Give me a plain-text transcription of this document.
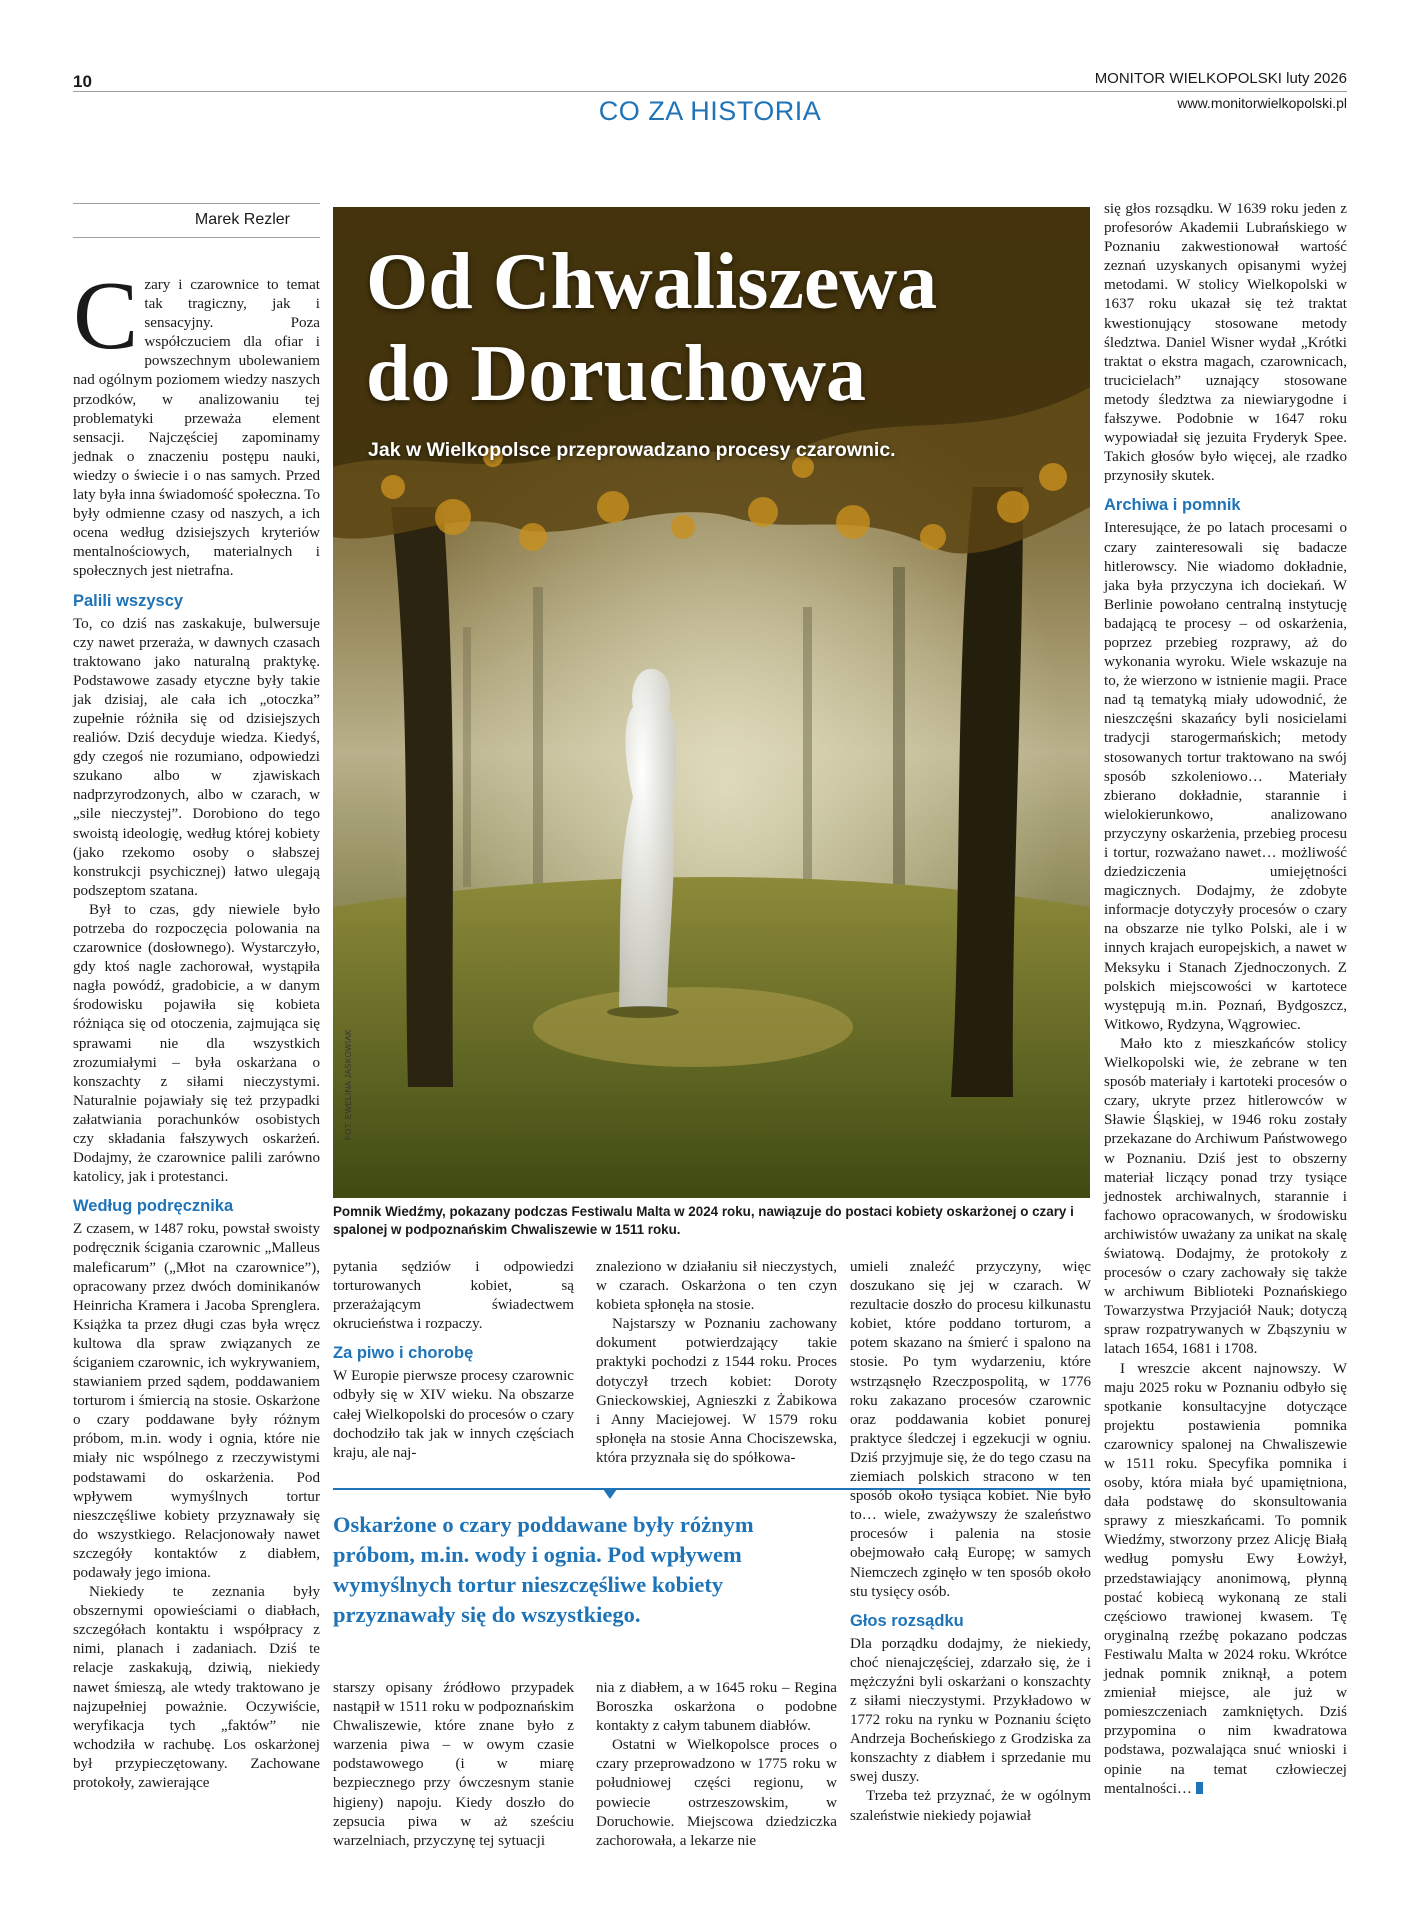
10	MONITOR WIELKOPOLSKI luty 2026
www.monitorwielkopolski.pl
CO ZA HISTORIA
Marek Rezler

Czary i czarownice to temat tak tragiczny, jak i sensacyjny. Poza współczuciem dla ofiar i powszechnym ubolewaniem nad ogólnym poziomem wiedzy naszych przodków, w analizowaniu tej problematyki przeważa element sensacji. Najczęściej zapominamy jednak o znaczeniu postępu nauki, wiedzy o świecie i o nas samych. Przed laty była inna świadomość społeczna. To były odmienne czasy od naszych, a ich ocena według dzisiejszych kryteriów mentalnościowych, materialnych i społecznych jest nietrafna.

Palili wszyscy

To, co dziś nas zaskakuje, bulwersuje czy nawet przeraża, w dawnych czasach traktowano jako naturalną praktykę. Podstawowe zasady etyczne były takie jak dzisiaj, ale cała ich „otoczka” zupełnie różniła się od dzisiejszych realiów. Dziś decyduje wiedza. Kiedyś, gdy czegoś nie rozumiano, odpowiedzi szukano albo w zjawiskach nadprzyrodzonych, albo w czarach, w „sile nieczystej”. Dorobiono do tego swoistą ideologię, według której kobiety (jako rzekomo osoby o słabszej konstrukcji psychicznej) łatwo ulegają podszeptom szatana.

Był to czas, gdy niewiele było potrzeba do rozpoczęcia polowania na czarownice (dosłownego). Wystarczyło, gdy ktoś nagle zachorował, wystąpiła nagła powódź, gradobicie, a w danym środowisku pojawiła się kobieta różniąca się od otoczenia, zajmująca się sprawami nie dla wszystkich zrozumiałymi – była oskarżana o konszachty z siłami nieczystymi. Naturalnie pojawiały się też przypadki załatwiania porachunków osobistych czy składania fałszywych oskarżeń. Dodajmy, że czarownice palili zarówno katolicy, jak i protestanci.

Według podręcznika

Z czasem, w 1487 roku, powstał swoisty podręcznik ścigania czarownic „Malleus maleficarum” („Młot na czarownice”), opracowany przez dwóch dominikanów Heinricha Kramera i Jacoba Sprenglera. Książka ta przez długi czas była wręcz kultowa dla spraw związanych ze ściganiem czarownic, ich wykrywaniem, stawianiem przed sądem, poddawaniem torturom i śmiercią na stosie. Oskarżone o czary poddawane były różnym próbom, m.in. wody i ognia, które nie miały nic wspólnego z rzeczywistymi podstawami do oskarżenia. Pod wpływem wymyślnych tortur nieszczęśliwe kobiety przyznawały się do wszystkiego. Relacjonowały nawet szczegóły kontaktów z diabłem, podawały jego imiona.

Niekiedy te zeznania były obszernymi opowieściami o diabłach, szczegółach kontaktu i współpracy z nimi, planach i zadaniach. Dziś te relacje zaskakują, dziwią, niekiedy nawet śmieszą, ale wtedy traktowano je najzupełniej poważnie. Oczywiście, weryfikacja tych „faktów” nie wchodziła w rachubę. Los oskarżonej był przypieczętowany. Zachowane protokoły, zawierające

Od Chwaliszewa
do Doruchowa
Jak w Wielkopolsce przeprowadzano procesy czarownic.
FOT. EWELINA JAŚKOWIAK
Pomnik Wiedźmy, pokazany podczas Festiwalu Malta w 2024 roku, nawiązuje do postaci kobiety oskarżonej o czary i spalonej w podpoznańskim Chwaliszewie w 1511 roku.

pytania sędziów i odpowiedzi torturowanych kobiet, są przerażającym świadectwem okrucieństwa i rozpaczy.

Za piwo i chorobę

W Europie pierwsze procesy czarownic odbyły się w XIV wieku. Na obszarze całej Wielkopolski do procesów o czary dochodziło tak jak w innych częściach kraju, ale naj-

znaleziono w działaniu sił nieczystych, w czarach. Oskarżona o ten czyn kobieta spłonęła na stosie.

Najstarszy w Poznaniu zachowany dokument potwierdzający takie praktyki pochodzi z 1544 roku. Proces dotyczył trzech kobiet: Doroty Gnieckowskiej, Agnieszki z Żabikowa i Anny Maciejowej. W 1579 roku spłonęła na stosie Anna Chociszewska, która przyznała się do spółkowa-

Oskarżone o czary poddawane były różnym próbom, m.in. wody i ognia. Pod wpływem wymyślnych tortur nieszczęśliwe kobiety przyznawały się do wszystkiego.

starszy opisany źródłowo przypadek nastąpił w 1511 roku w podpoznańskim Chwaliszewie, które znane było z warzenia piwa – w owym czasie podstawowego (i w miarę bezpiecznego przy ówczesnym stanie higieny) napoju. Kiedy doszło do zepsucia piwa w aż sześciu warzelniach, przyczynę tej sytuacji

nia z diabłem, a w 1645 roku – Regina Boroszka oskarżona o podobne kontakty z całym tabunem diabłów.

Ostatni w Wielkopolsce proces o czary przeprowadzono w 1775 roku w południowej części regionu, w powiecie ostrzeszowskim, w Doruchowie. Miejscowa dziedziczka zachorowała, a lekarze nie

umieli znaleźć przyczyny, więc doszukano się jej w czarach. W rezultacie doszło do procesu kilkunastu kobiet, które poddano torturom, a potem skazano na śmierć i spalono na stosie. Po tym wydarzeniu, które wstrząsnęło Rzeczpospolitą, w 1776 roku zakazano procesów czarownic oraz poddawania kobiet ponurej praktyce śledczej i egzekucji w ogniu. Dziś przyjmuje się, że do tego czasu na ziemiach polskich stracono w ten sposób około tysiąca kobiet. Nie było to… wiele, zważywszy że szaleństwo procesów i palenia na stosie obejmowało całą Europę; w samych Niemczech zginęło w ten sposób około stu tysięcy osób.

Głos rozsądku

Dla porządku dodajmy, że niekiedy, choć nienajczęściej, zdarzało się, że i mężczyźni byli oskarżani o konszachty z siłami nieczystymi. Przykładowo w 1772 roku na rynku w Poznaniu ścięto Andrzeja Bocheńskiego z Grodziska za konszachty z diabłem i sprzedanie mu swej duszy.

Trzeba też przyznać, że w ogólnym szaleństwie niekiedy pojawiał

się głos rozsądku. W 1639 roku jeden z profesorów Akademii Lubrańskiego w Poznaniu zakwestionował wartość zeznań uzyskanych opisanymi wyżej metodami. W stolicy Wielkopolski w 1637 roku ukazał się też traktat kwestionujący stosowane metody śledztwa. Daniel Wisner wydał „Krótki traktat o ekstra magach, czarownicach, trucicielach” uznający stosowane metody śledztwa za niewiarygodne i fałszywe. Podobnie w 1647 roku wypowiadał się jezuita Fryderyk Spee. Takich głosów było więcej, ale rzadko przynosiły skutek.

Archiwa i pomnik

Interesujące, że po latach procesami o czary zainteresowali się badacze hitlerowscy. Nie wiadomo dokładnie, jaka była przyczyna ich dociekań. W Berlinie powołano centralną instytucję badającą te procesy – od oskarżenia, poprzez przebieg rozprawy, aż do wykonania wyroku. Wiele wskazuje na to, że wierzono w istnienie magii. Prace nad tą tematyką miały udowodnić, że nieszczęśni skazańcy byli nosicielami tradycji starogermańskich; metody stosowanych tortur traktowano na swój sposób szkoleniowo… Materiały zbierano dokładnie, starannie i wielokierunkowo, analizowano przyczyny oskarżenia, przebieg procesu i tortur, rozważano nawet… możliwość dziedziczenia umiejętności magicznych. Dodajmy, że zdobyte informacje dotyczyły procesów o czary na obszarze nie tylko Polski, ale i w innych krajach europejskich, a nawet w Meksyku i Stanach Zjednoczonych. Z polskich miejscowości w kartotece występują m.in. Poznań, Bydgoszcz, Witkowo, Rydzyna, Wągrowiec.

Mało kto z mieszkańców stolicy Wielkopolski wie, że zebrane w ten sposób materiały i kartoteki procesów o czary, ukryte przez hitlerowców w Sławie Śląskiej, w 1946 roku zostały przekazane do Archiwum Państwowego w Poznaniu. Dziś jest to obszerny materiał liczący ponad trzy tysiące jednostek archiwalnych, starannie i fachowo opracowanych, w środowisku archiwistów uważany za unikat na skalę światową. Dodajmy, że protokoły z procesów o czary zachowały się także w archiwum Biblioteki Poznańskiego Towarzystwa Przyjaciół Nauk; dotyczą spraw rozpatrywanych w Zbąszyniu w latach 1654, 1681 i 1708.

I wreszcie akcent najnowszy. W maju 2025 roku w Poznaniu odbyło się spotkanie konsultacyjne dotyczące projektu postawienia pomnika czarownicy spalonej na Chwaliszewie w 1511 roku. Specyfika pomnika i osoby, która miała być upamiętniona, dała podstawę do skonsultowania sprawy z mieszkańcami. To pomnik Wiedźmy, stworzony przez Alicję Białą według pomysłu Ewy Łowżył, przedstawiający anonimową, płynną postać kobiecą wykonaną ze stali częściowo trawionej kwasem. Tę oryginalną rzeźbę pokazano podczas Festiwalu Malta w 2024 roku. Wkrótce jednak pomnik zniknął, a potem zmieniał miejsce, ale już w pomieszczeniach zamkniętych. Dziś przypomina o nim kwadratowa podstawa, pozwalająca snuć wnioski i opinie na temat człowieczej mentalności…
